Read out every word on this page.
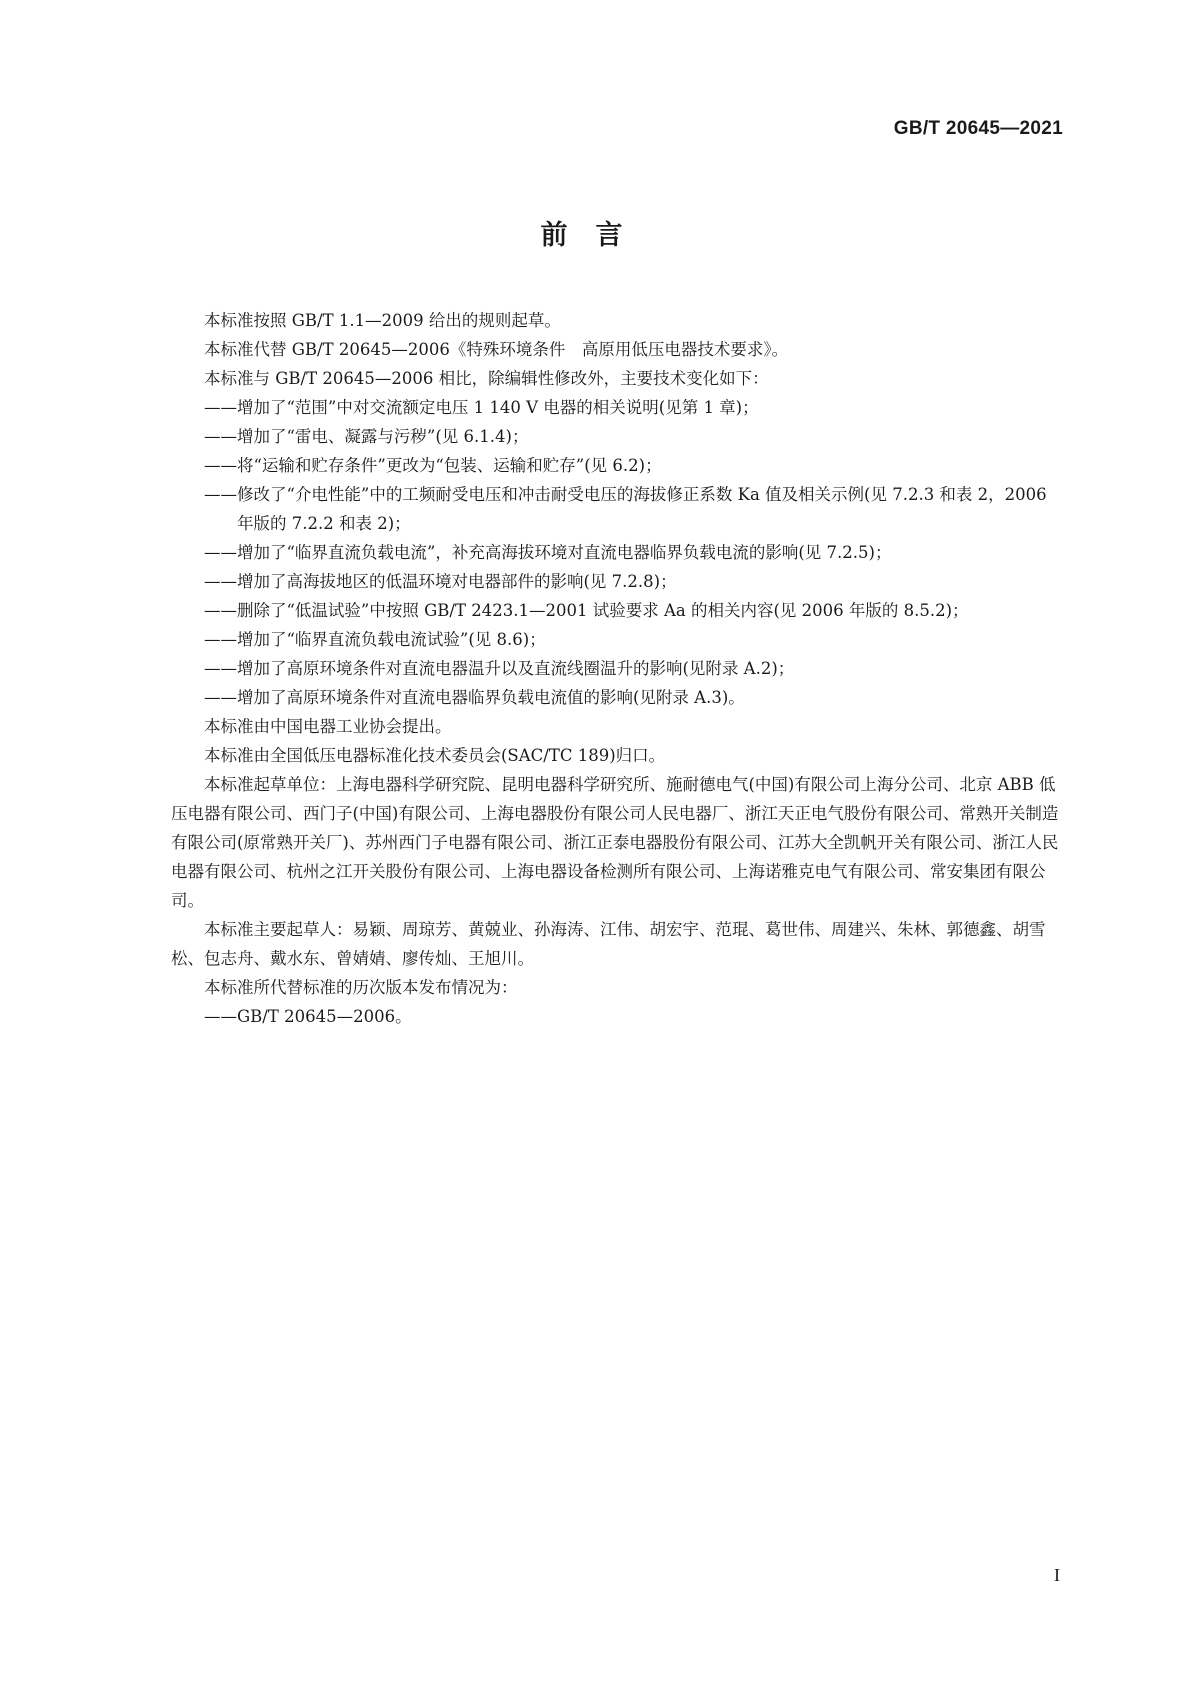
GB/T 20645—2021
前言

本标准按照 GB/T 1.1—2009 给出的规则起草。

本标准代替 GB/T 20645—2006《特殊环境条件　高原用低压电器技术要求》。

本标准与 GB/T 20645—2006 相比，除编辑性修改外，主要技术变化如下：

——增加了“范围”中对交流额定电压 1 140 V 电器的相关说明(见第 1 章)；

——增加了“雷电、凝露与污秽”(见 6.1.4)；

——将“运输和贮存条件”更改为“包装、运输和贮存”(见 6.2)；

——修改了“介电性能”中的工频耐受电压和冲击耐受电压的海拔修正系数 Ka 值及相关示例(见 7.2.3 和表 2，2006 年版的 7.2.2 和表 2)；

——增加了“临界直流负载电流”，补充高海拔环境对直流电器临界负载电流的影响(见 7.2.5)；

——增加了高海拔地区的低温环境对电器部件的影响(见 7.2.8)；

——删除了“低温试验”中按照 GB/T 2423.1—2001 试验要求 Aa 的相关内容(见 2006 年版的 8.5.2)；

——增加了“临界直流负载电流试验”(见 8.6)；

——增加了高原环境条件对直流电器温升以及直流线圈温升的影响(见附录 A.2)；

——增加了高原环境条件对直流电器临界负载电流值的影响(见附录 A.3)。

本标准由中国电器工业协会提出。

本标准由全国低压电器标准化技术委员会(SAC/TC 189)归口。

本标准起草单位：上海电器科学研究院、昆明电器科学研究所、施耐德电气(中国)有限公司上海分公司、北京 ABB 低压电器有限公司、西门子(中国)有限公司、上海电器股份有限公司人民电器厂、浙江天正电气股份有限公司、常熟开关制造有限公司(原常熟开关厂)、苏州西门子电器有限公司、浙江正泰电器股份有限公司、江苏大全凯帆开关有限公司、浙江人民电器有限公司、杭州之江开关股份有限公司、上海电器设备检测所有限公司、上海诺雅克电气有限公司、常安集团有限公司。

本标准主要起草人：易颖、周琼芳、黄兢业、孙海涛、江伟、胡宏宇、范琨、葛世伟、周建兴、朱林、郭德鑫、胡雪松、包志舟、戴水东、曾婧婧、廖传灿、王旭川。

本标准所代替标准的历次版本发布情况为：

——GB/T 20645—2006。

I
